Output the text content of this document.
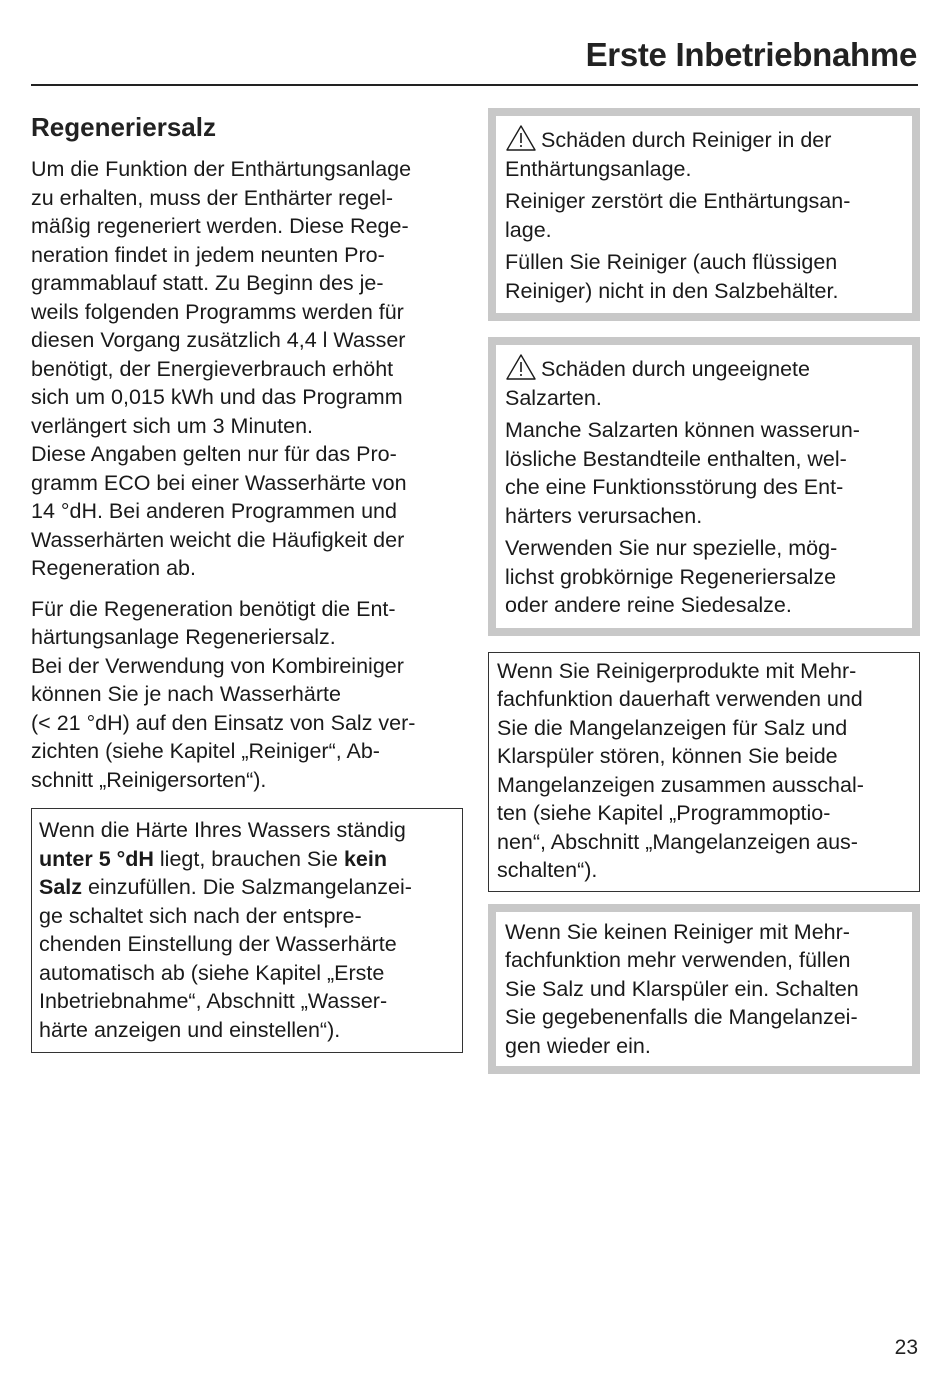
Erste Inbetriebnahme
Regeneriersalz

Um die Funktion der Enthärtungsanlage
zu erhalten, muss der Enthärter regel-
mäßig regeneriert werden. Diese Rege-
neration findet in jedem neunten Pro-
grammablauf statt. Zu Beginn des je-
weils folgenden Programms werden für
diesen Vorgang zusätzlich 4,4 l Wasser
benötigt, der Energieverbrauch erhöht
sich um 0,015 kWh und das Programm
verlängert sich um 3 Minuten.
Diese Angaben gelten nur für das Pro-
gramm ECO bei einer Wasserhärte von
14 °dH. Bei anderen Programmen und
Wasserhärten weicht die Häufigkeit der
Regeneration ab.

Für die Regeneration benötigt die Ent-
härtungsanlage Regeneriersalz.
Bei der Verwendung von Kombireiniger
können Sie je nach Wasserhärte
(< 21 °dH) auf den Einsatz von Salz ver-
zichten (siehe Kapitel „Reiniger“, Ab-
schnitt „Reinigersorten“).

Wenn die Härte Ihres Wassers ständig
unter 5 °dH liegt, brauchen Sie kein
Salz einzufüllen. Die Salzmangelanzei-
ge schaltet sich nach der entspre-
chenden Einstellung der Wasserhärte
automatisch ab (siehe Kapitel „Erste
Inbetriebnahme“, Abschnitt „Wasser-
härte anzeigen und einstellen“).
Schäden durch Reiniger in der
Enthärtungsanlage.
Reiniger zerstört die Enthärtungsan-
lage.
Füllen Sie Reiniger (auch flüssigen
Reiniger) nicht in den Salzbehälter.
Schäden durch ungeeignete
Salzarten.
Manche Salzarten können wasserun-
lösliche Bestandteile enthalten, wel-
che eine Funktionsstörung des Ent-
härters verursachen.
Verwenden Sie nur spezielle, mög-
lichst grobkörnige Regeneriersalze
oder andere reine Siedesalze.
Wenn Sie Reinigerprodukte mit Mehr-
fachfunktion dauerhaft verwenden und
Sie die Mangelanzeigen für Salz und
Klarspüler stören, können Sie beide
Mangelanzeigen zusammen ausschal-
ten (siehe Kapitel „Programmoptio-
nen“, Abschnitt „Mangelanzeigen aus-
schalten“).
Wenn Sie keinen Reiniger mit Mehr-
fachfunktion mehr verwenden, füllen
Sie Salz und Klarspüler ein. Schalten
Sie gegebenenfalls die Mangelanzei-
gen wieder ein.
23
